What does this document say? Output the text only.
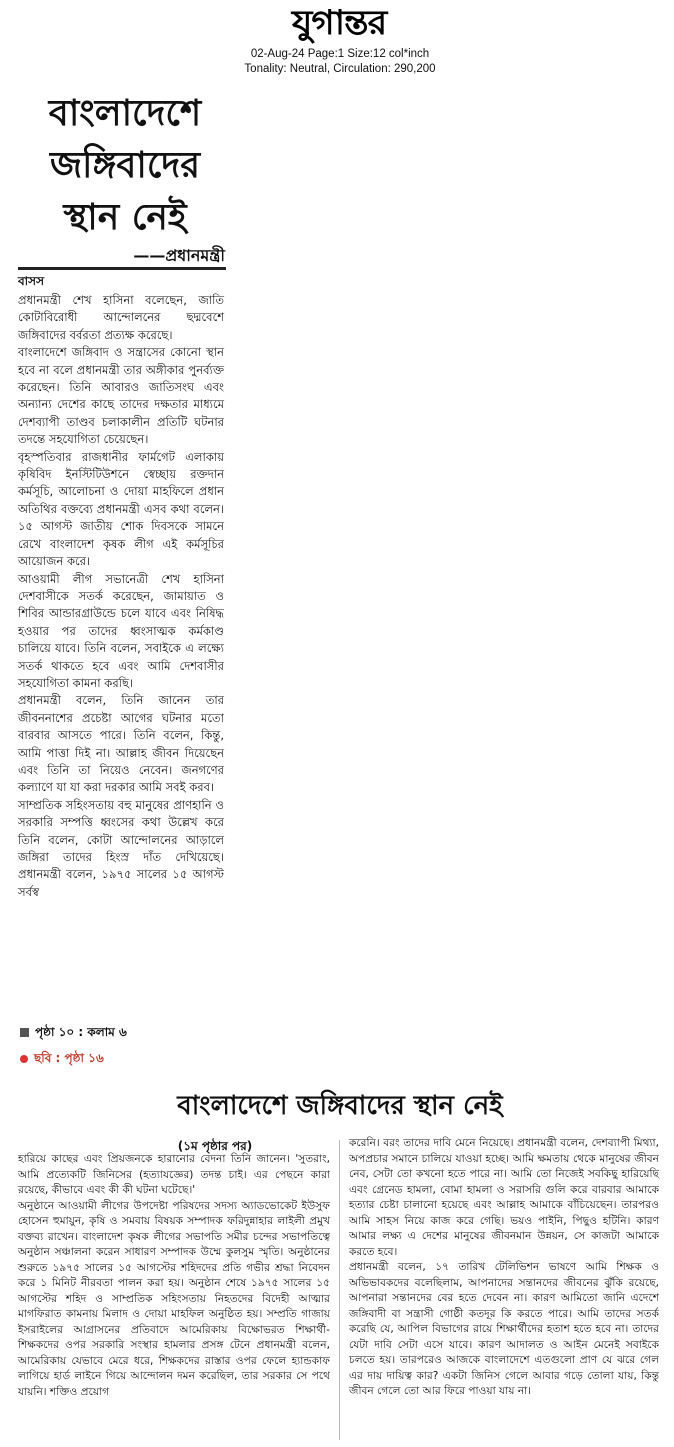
যুগান্তর
02-Aug-24 Page:1 Size:12 col*inch
Tonality: Neutral, Circulation: 290,200
বাংলাদেশে
জঙ্গিবাদের
স্থান নেই
——প্রধানমন্ত্রী
বাসস

প্রধানমন্ত্রী শেখ হাসিনা বলেছেন, জাতি কোটাবিরোধী আন্দোলনের ছদ্মবেশে জঙ্গিবাদের বর্বরতা প্রত্যক্ষ করেছে।

বাংলাদেশে জঙ্গিবাদ ও সন্ত্রাসের কোনো স্থান হবে না বলে প্রধানমন্ত্রী তার অঙ্গীকার পুনর্ব্যক্ত করেছেন। তিনি আবারও জাতিসংঘ এবং অন্যান্য দেশের কাছে তাদের দক্ষতার মাধ্যমে দেশব্যাপী তাণ্ডব চলাকালীন প্রতিটি ঘটনার তদন্তে সহযোগিতা চেয়েছেন।

বৃহস্পতিবার রাজধানীর ফার্মগেট এলাকায় কৃষিবিদ ইনস্টিটিউশনে স্বেচ্ছায় রক্তদান কর্মসূচি, আলোচনা ও দোয়া মাহফিলে প্রধান অতিথির বক্তব্যে প্রধানমন্ত্রী এসব কথা বলেন। ১৫ আগস্ট জাতীয় শোক দিবসকে সামনে রেখে বাংলাদেশ কৃষক লীগ এই কর্মসূচির আয়োজন করে।

আওয়ামী লীগ সভানেত্রী শেখ হাসিনা দেশবাসীকে সতর্ক করেছেন, জামায়াত ও শিবির আন্ডারগ্রাউন্ডে চলে যাবে এবং নিষিদ্ধ হওয়ার পর তাদের ধ্বংসাত্মক কর্মকাণ্ড চালিয়ে যাবে। তিনি বলেন, সবাইকে এ লক্ষ্যে সতর্ক থাকতে হবে এবং আমি দেশবাসীর সহযোগিতা কামনা করছি।

প্রধানমন্ত্রী বলেন, তিনি জানেন তার জীবননাশের প্রচেষ্টা আগের ঘটনার মতো বারবার আসতে পারে। তিনি বলেন, কিন্তু, আমি পাত্তা দিই না। আল্লাহ জীবন দিয়েছেন এবং তিনি তা নিয়েও নেবেন। জনগণের কল্যাণে যা যা করা দরকার আমি সবই করব।

সাম্প্রতিক সহিংসতায় বহু মানুষের প্রাণহানি ও সরকারি সম্পত্তি ধ্বংসের কথা উল্লেখ করে তিনি বলেন, কোটা আন্দোলনের আড়ালে জঙ্গিরা তাদের হিংস্র দাঁত দেখিয়েছে। প্রধানমন্ত্রী বলেন, ১৯৭৫ সালের ১৫ আগস্ট সর্বস্ব

পৃষ্ঠা ১০ : কলাম ৬
ছবি : পৃষ্ঠা ১৬
বাংলাদেশে জঙ্গিবাদের স্থান নেই
(১ম পৃষ্ঠার পর)

হারিয়ে কাছের এবং প্রিয়জনকে হারানোর বেদনা তিনি জানেন। 'সুতরাং, আমি প্রত্যেকটি জিনিসের (হত্যাযজ্ঞের) তদন্ত চাই। এর পেছনে কারা রয়েছে, কীভাবে এবং কী কী ঘটনা ঘটেছে।'

অনুষ্ঠানে আওয়ামী লীগের উপদেষ্টা পরিষদের সদস্য অ্যাডভোকেট ইউসুফ হোসেন হুমায়ুন, কৃষি ও সমবায় বিষয়ক সম্পাদক ফরিদুন্নাহার লাইলী প্রমুখ বক্তব্য রাখেন। বাংলাদেশ কৃষক লীগের সভাপতি সমীর চন্দের সভাপতিত্বে অনুষ্ঠান সঞ্চালনা করেন সাধারণ সম্পাদক উম্মে কুলসুম স্মৃতি। অনুষ্ঠানের শুরুতে ১৯৭৫ সালের ১৫ আগস্টের শহিদদের প্রতি গভীর শ্রদ্ধা নিবেদন করে ১ মিনিট নীরবতা পালন করা হয়। অনুষ্ঠান শেষে ১৯৭৫ সালের ১৫ আগস্টের শহিদ ও সাম্প্রতিক সহিংসতায় নিহতদের বিদেহী আত্মার মাগফিরাত কামনায় মিলাদ ও দোয়া মাহফিল অনুষ্ঠিত হয়। সম্প্রতি গাজায় ইসরাইলের আগ্রাসনের প্রতিবাদে আমেরিকায় বিক্ষোভরত শিক্ষার্থী-শিক্ষকদের ওপর সরকারি সংস্থার হামলার প্রসঙ্গ টেনে প্রধানমন্ত্রী বলেন, আমেরিকায় যেভাবে মেরে ধরে, শিক্ষকদের রাস্তার ওপর ফেলে হ্যান্ডকাফ লাগিয়ে হার্ড লাইনে গিয়ে আন্দোলন দমন করেছিল, তার সরকার সে পথে যায়নি। শক্তিও প্রয়োগ

করেনি। বরং তাদের দাবি মেনে নিয়েছে। প্রধানমন্ত্রী বলেন, দেশব্যাপী মিথ্যা, অপপ্রচার সমানে চালিয়ে যাওয়া হচ্ছে। আমি ক্ষমতায় থেকে মানুষের জীবন নেব, সেটা তো কখনো হতে পারে না। আমি তো নিজেই সবকিছু হারিয়েছি এবং গ্রেনেড হামলা, বোমা হামলা ও সরাসরি গুলি করে বারবার আমাকে হত্যার চেষ্টা চালানো হয়েছে এবং আল্লাহ আমাকে বাঁচিয়েছেন। তারপরও আমি সাহস নিয়ে কাজ করে গেছি। ভয়ও পাইনি, পিছুও হটিনি। কারণ আমার লক্ষ্য এ দেশের মানুষের জীবনমান উন্নয়ন, সে কাজটা আমাকে করতে হবে।

প্রধানমন্ত্রী বলেন, ১৭ তারিখ টেলিভিশন ভাষণে আমি শিক্ষক ও অভিভাবকদের বলেছিলাম, আপনাদের সন্তানদের জীবনের ঝুঁকি রয়েছে, আপনারা সন্তানদের বের হতে দেবেন না। কারণ আমিতো জানি এদেশে জঙ্গিবাদী বা সন্ত্রাসী গোষ্ঠী কতদূর কি করতে পারে। আমি তাদের সতর্ক করেছি যে, আপিল বিভাগের রায়ে শিক্ষার্থীদের হতাশ হতে হবে না। তাদের যেটা দাবি সেটা এসে যাবে। কারণ আদালত ও আইন মেনেই সবাইকে চলতে হয়। তারপরেও আজকে বাংলাদেশে এতগুলো প্রাণ যে ঝরে গেল এর দায় দায়িত্ব কার? একটা জিনিস গেলে আবার গড়ে তোলা যায়, কিন্তু জীবন গেলে তো আর ফিরে পাওয়া যায় না।
